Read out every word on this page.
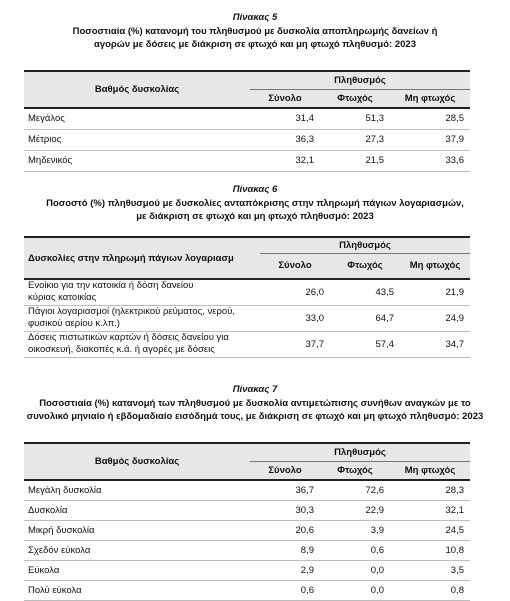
Πίνακας 5
Ποσοστιαία (%) κατανομή του πληθυσμού με δυσκολία αποπληρωμής δανείων ή
αγορών με δόσεις με διάκριση σε φτωχό και μη φτωχό πληθυσμό: 2023
Βαθμός δυσκολίας	Πληθυσμός		
	Σύνολο	Φτωχός	Μη φτωχός
Μεγάλος	31,4	51,3	28,5
Μέτριος	36,3	27,3	37,9
Μηδενικός	32,1	21,5	33,6
Πίνακας 6
Ποσοστό (%) πληθυσμού με δυσκολίες ανταπόκρισης στην πληρωμή πάγιων λογαριασμών,
με διάκριση σε φτωχό και μη φτωχό πληθυσμό: 2023
Δυσκολίες στην πληρωμή πάγιων λογαριασμ	Πληθυσμός		
	Σύνολο	Φτωχός	Μη φτωχός

Ενοίκιο για την κατοικία ή δόση δανείου
κύριας κατοικίας	26,0	43,5	21,9

Πάγιοι λογαριασμοί (ηλεκτρικού ρεύματος, νερού,
φυσικού αερίου κ.λπ.)	33,0	64,7	24,9

Δόσεις πιστωτικών καρτών ή δόσεις δανείου για
οικοσκευή, διακοπές κ.ά. ή αγορές με δόσεις	37,7	57,4	34,7
Πίνακας 7
Ποσοστιαία (%) κατανομή των πληθυσμού με δυσκολία αντιμετώπισης συνήθων αναγκών με το
συνολικό μηνιαίο ή εβδομαδιαίο εισόδημά τους, με διάκριση σε φτωχό και μη φτωχό πληθυσμό: 2023
Βαθμός δυσκολίας	Πληθυσμός		
	Σύνολο	Φτωχός	Μη φτωχός
Μεγάλη δυσκολία	36,7	72,6	28,3
Δυσκολία	30,3	22,9	32,1
Μικρή δυσκολία	20,6	3,9	24,5
Σχεδόν εύκολα	8,9	0,6	10,8
Εύκολα	2,9	0,0	3,5
Πολύ εύκολα	0,6	0,0	0,8
